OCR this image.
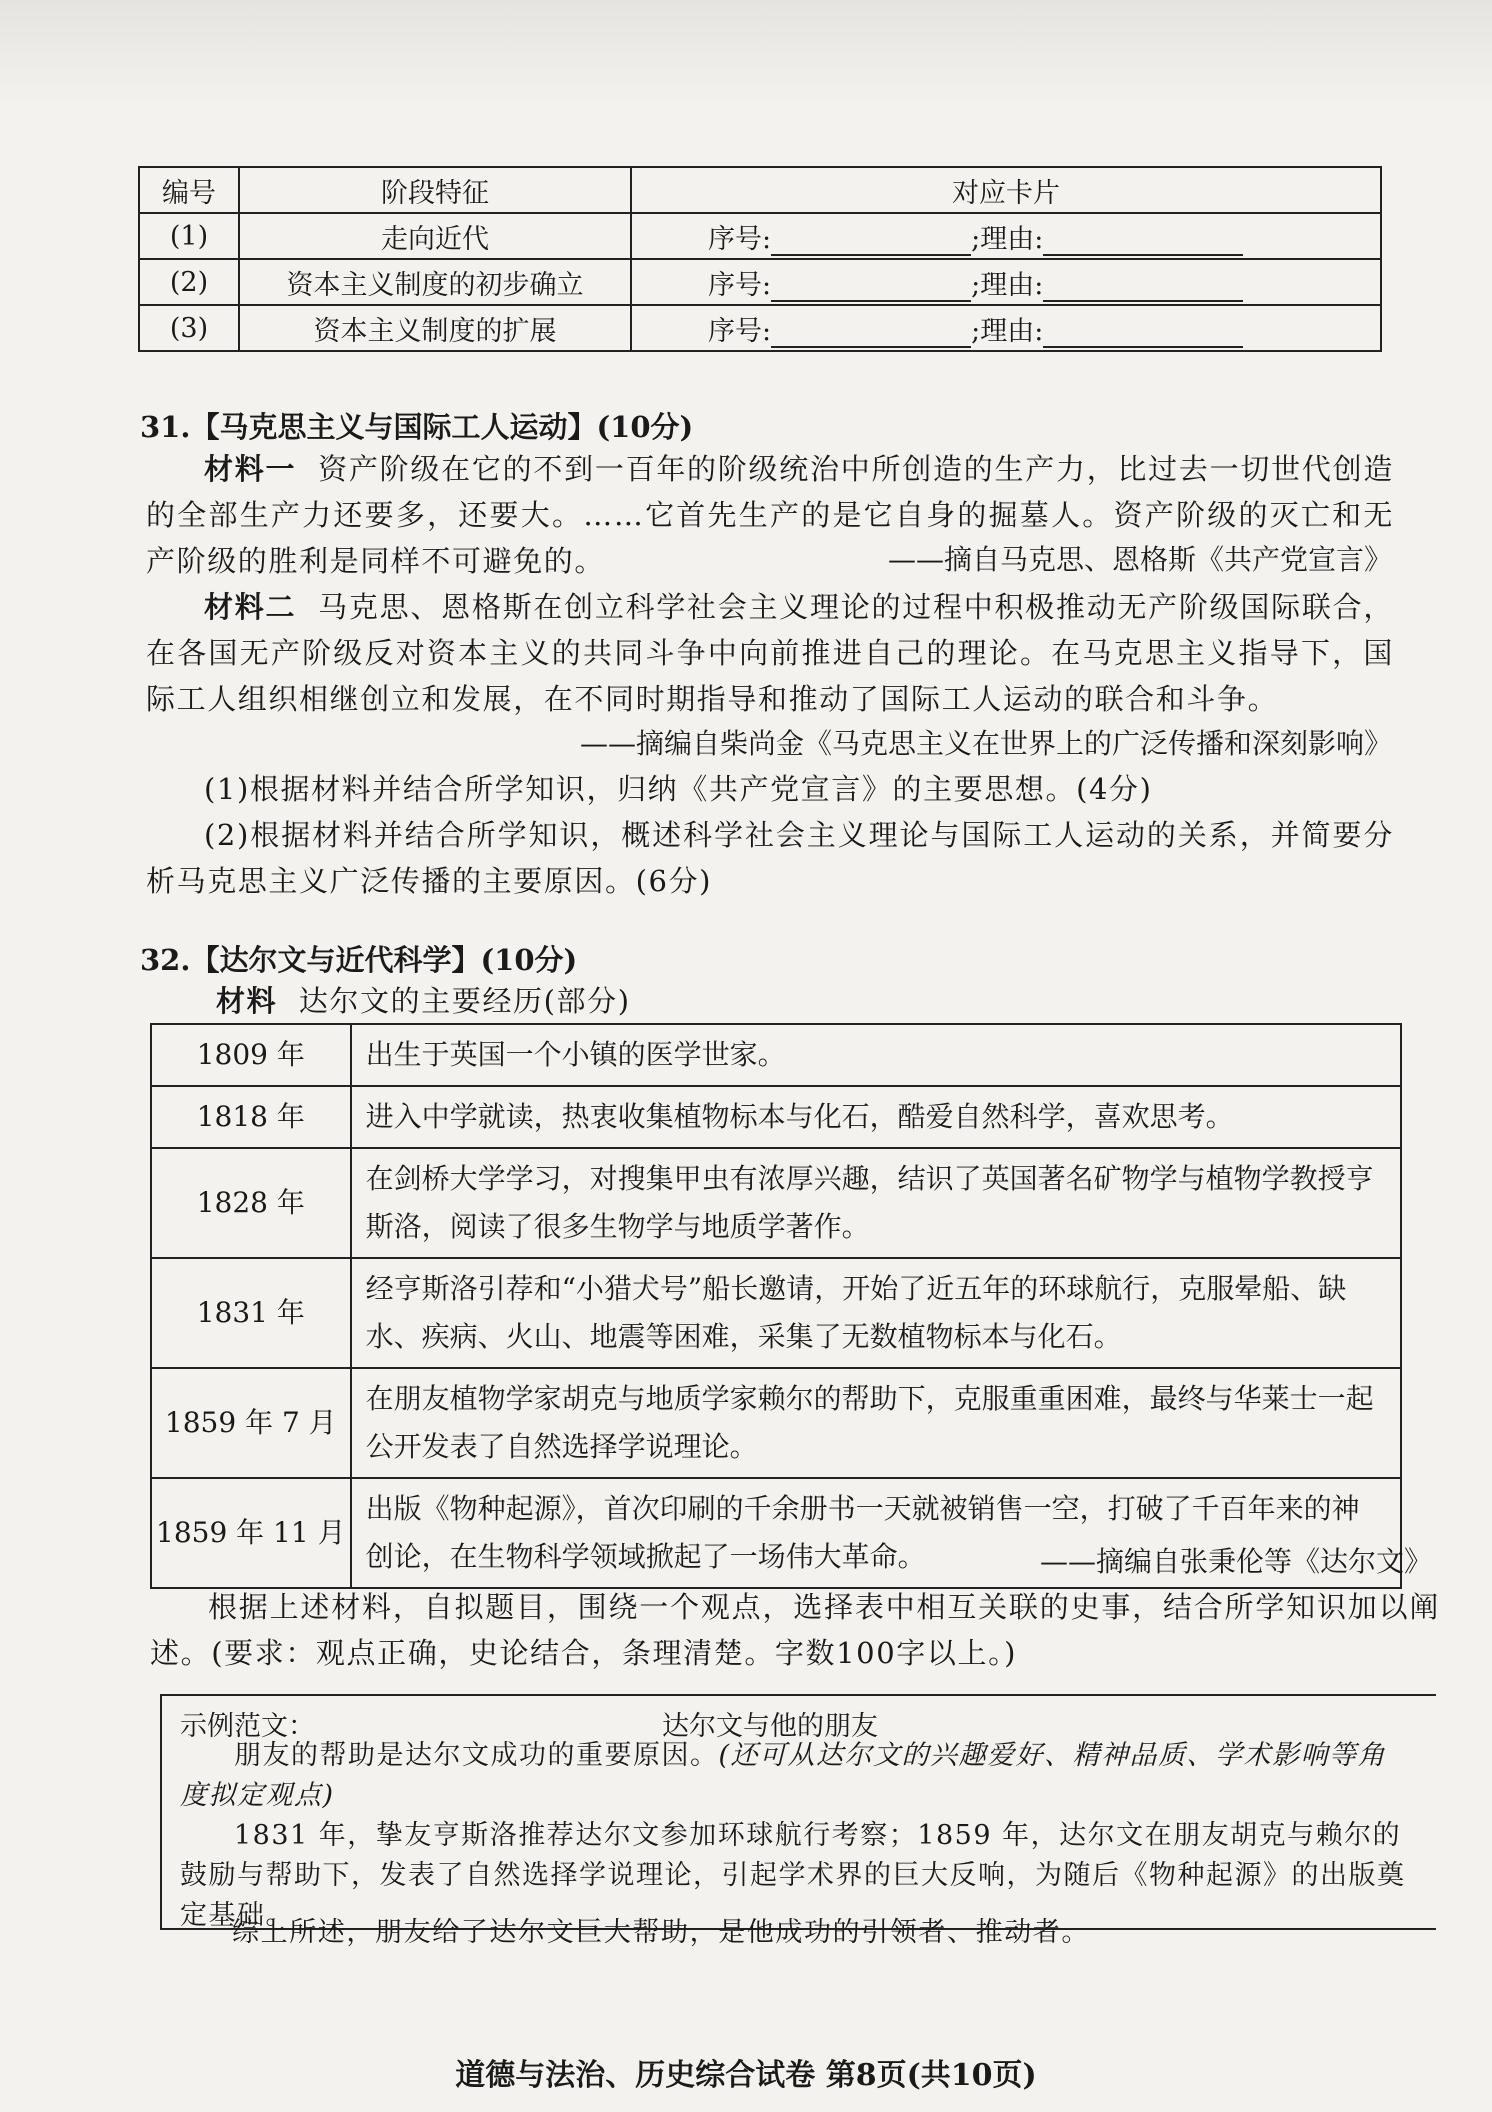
编号	阶段特征	对应卡片
(1)	走向近代	序号: ;理由:
(2)	资本主义制度的初步确立	序号: ;理由:
(3)	资本主义制度的扩展	序号: ;理由:
31.【马克思主义与国际工人运动】(10分)
材料一 资产阶级在它的不到一百年的阶级统治中所创造的生产力，比过去一切世代创造的全部生产力还要多，还要大。……它首先生产的是它自身的掘墓人。资产阶级的灭亡和无产阶级的胜利是同样不可避免的。	——摘自马克思、恩格斯《共产党宣言》
材料二 马克思、恩格斯在创立科学社会主义理论的过程中积极推动无产阶级国际联合，在各国无产阶级反对资本主义的共同斗争中向前推进自己的理论。在马克思主义指导下，国际工人组织相继创立和发展，在不同时期指导和推动了国际工人运动的联合和斗争。
——摘编自柴尚金《马克思主义在世界上的广泛传播和深刻影响》
(1)根据材料并结合所学知识，归纳《共产党宣言》的主要思想。(4分)
(2)根据材料并结合所学知识，概述科学社会主义理论与国际工人运动的关系，并简要分析马克思主义广泛传播的主要原因。(6分)
32.【达尔文与近代科学】(10分)
材料 达尔文的主要经历(部分)
1809 年	出生于英国一个小镇的医学世家。
1818 年	进入中学就读，热衷收集植物标本与化石，酷爱自然科学，喜欢思考。
1828 年	在剑桥大学学习，对搜集甲虫有浓厚兴趣，结识了英国著名矿物学与植物学教授亨斯洛，阅读了很多生物学与地质学著作。
1831 年	经亨斯洛引荐和“小猎犬号”船长邀请，开始了近五年的环球航行，克服晕船、缺水、疾病、火山、地震等困难，采集了无数植物标本与化石。
1859 年 7 月	在朋友植物学家胡克与地质学家赖尔的帮助下，克服重重困难，最终与华莱士一起公开发表了自然选择学说理论。
1859 年 11 月	出版《物种起源》，首次印刷的千余册书一天就被销售一空，打破了千百年来的神创论，在生物科学领域掀起了一场伟大革命。	——摘编自张秉伦等《达尔文》
根据上述材料，自拟题目，围绕一个观点，选择表中相互关联的史事，结合所学知识加以阐述。(要求：观点正确，史论结合，条理清楚。字数100字以上。)
示例范文：	达尔文与他的朋友
朋友的帮助是达尔文成功的重要原因。(还可从达尔文的兴趣爱好、精神品质、学术影响等角度拟定观点)
1831 年，挚友亨斯洛推荐达尔文参加环球航行考察；1859 年，达尔文在朋友胡克与赖尔的鼓励与帮助下，发表了自然选择学说理论，引起学术界的巨大反响，为随后《物种起源》的出版奠定基础。
综上所述，朋友给了达尔文巨大帮助，是他成功的引领者、推动者。
道德与法治、历史综合试卷 第8页(共10页)
